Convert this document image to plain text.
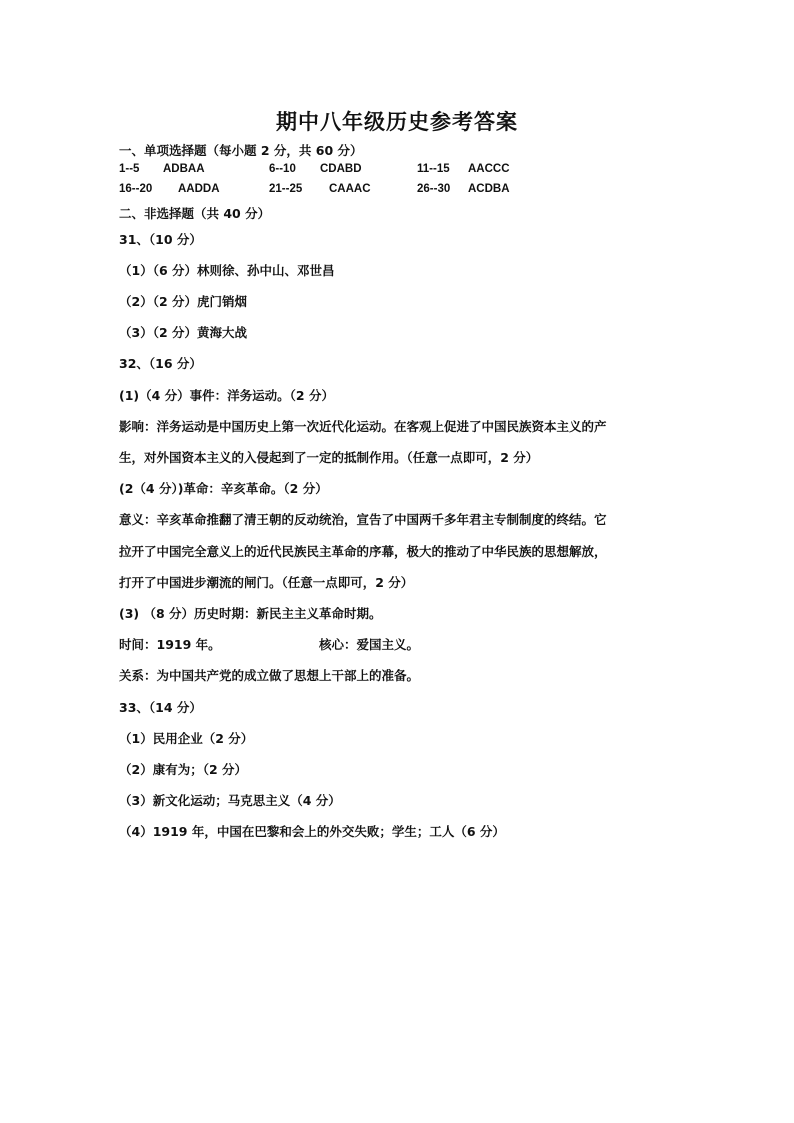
期中八年级历史参考答案
一、单项选择题（每小题 2 分，共 60 分）
1--5 ADBAA	6--10 CDABD	11--15 AACCC
16--20 AADDA	21--25 CAAAC	26--30 ACDBA
二、非选择题（共 40 分）
31、（10 分）
（1）（6 分）林则徐、孙中山、邓世昌
（2）（2 分）虎门销烟
（3）（2 分）黄海大战
32、（16 分）
(1)（4 分）事件：洋务运动。（2 分）
影响：洋务运动是中国历史上第一次近代化运动。在客观上促进了中国民族资本主义的产
生，对外国资本主义的入侵起到了一定的抵制作用。（任意一点即可，2 分）
(2（4 分）)革命：辛亥革命。（2 分）
意义：辛亥革命推翻了清王朝的反动统治，宣告了中国两千多年君主专制制度的终结。它
拉开了中国完全意义上的近代民族民主革命的序幕，极大的推动了中华民族的思想解放，
打开了中国进步潮流的闸门。（任意一点即可，2 分）
(3) （8 分）历史时期：新民主主义革命时期。
时间：1919 年。	核心：爱国主义。
关系：为中国共产党的成立做了思想上干部上的准备。
33、（14 分）
（1）民用企业（2 分）
（2）康有为；（2 分）
（3）新文化运动；马克思主义（4 分）
（4）1919 年，中国在巴黎和会上的外交失败；学生；工人（6 分）
